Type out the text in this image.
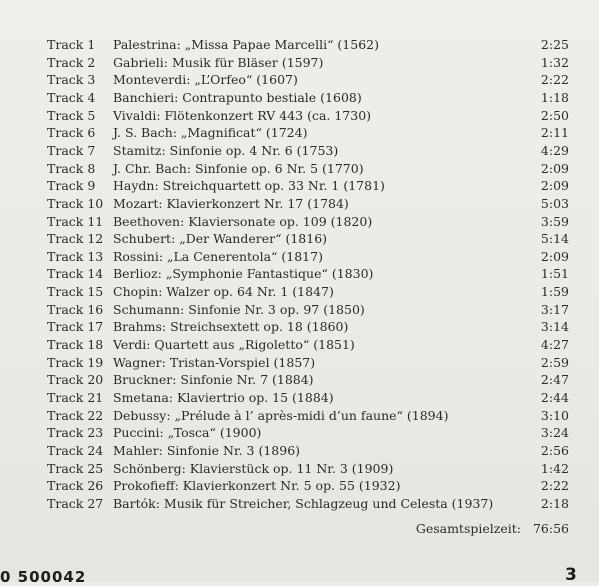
Track 1	Palestrina: „Missa Papae Marcelli“ (1562)	2:25
Track 2	Gabrieli: Musik für Bläser (1597)	1:32
Track 3	Monteverdi: „L’Orfeo“ (1607)	2:22
Track 4	Banchieri: Contrapunto bestiale (1608)	1:18
Track 5	Vivaldi: Flötenkonzert RV 443 (ca. 1730)	2:50
Track 6	J. S. Bach: „Magnificat“ (1724)	2:11
Track 7	Stamitz: Sinfonie op. 4 Nr. 6 (1753)	4:29
Track 8	J. Chr. Bach: Sinfonie op. 6 Nr. 5 (1770)	2:09
Track 9	Haydn: Streichquartett op. 33 Nr. 1 (1781)	2:09
Track 10 Mozart: Klavierkonzert Nr. 17 (1784)	5:03
Track 11 Beethoven: Klaviersonate op. 109 (1820)	3:59
Track 12 Schubert: „Der Wanderer“ (1816)	5:14
Track 13 Rossini: „La Cenerentola“ (1817)	2:09
Track 14 Berlioz: „Symphonie Fantastique“ (1830)	1:51
Track 15 Chopin: Walzer op. 64 Nr. 1 (1847)	1:59
Track 16 Schumann: Sinfonie Nr. 3 op. 97 (1850)	3:17
Track 17 Brahms: Streichsextett op. 18 (1860)	3:14
Track 18 Verdi: Quartett aus „Rigoletto“ (1851)	4:27
Track 19 Wagner: Tristan-Vorspiel (1857)	2:59
Track 20 Bruckner: Sinfonie Nr. 7 (1884)	2:47
Track 21 Smetana: Klaviertrio op. 15 (1884)	2:44
Track 22 Debussy: „Prélude à l’ après-midi d’un faune“ (1894)	3:10
Track 23 Puccini: „Tosca“ (1900)	3:24
Track 24 Mahler: Sinfonie Nr. 3 (1896)	2:56
Track 25 Schönberg: Klavierstück op. 11 Nr. 3 (1909)	1:42
Track 26 Prokofieff: Klavierkonzert Nr. 5 op. 55 (1932)	2:22
Track 27 Bartók: Musik für Streicher, Schlagzeug und Celesta (1937)	2:18
Gesamtspielzeit: 76:56
0 500042	3
